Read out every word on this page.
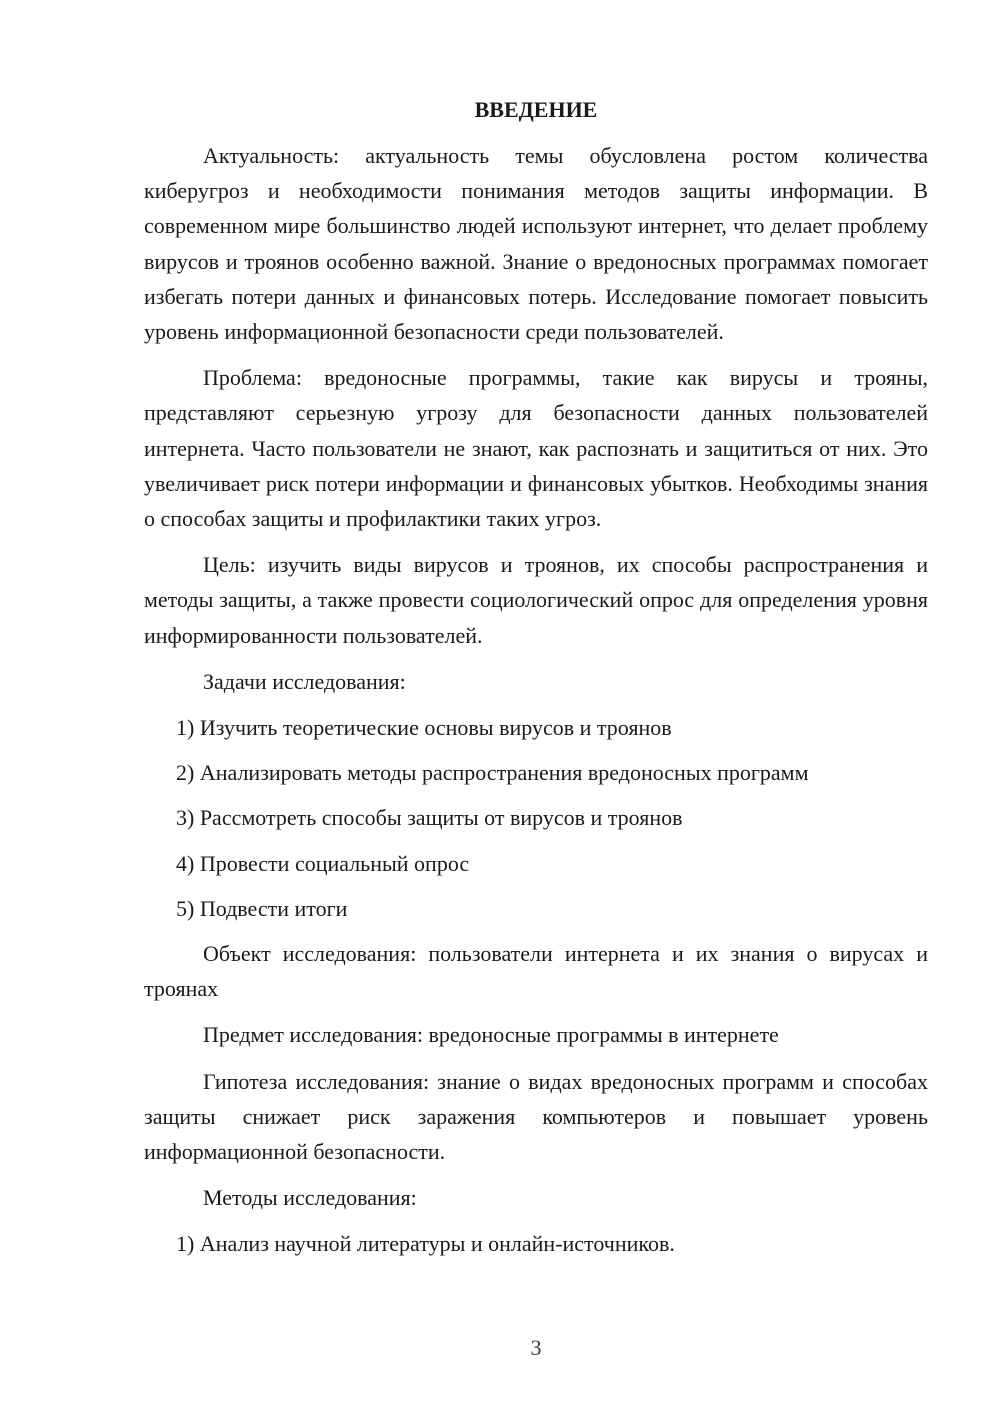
ВВЕДЕНИЕ

Актуальность: актуальность темы обусловлена ростом количества киберугроз и необходимости понимания методов защиты информации. В современном мире большинство людей используют интернет, что делает проблему вирусов и троянов особенно важной. Знание о вредоносных программах помогает избегать потери данных и финансовых потерь. Исследование помогает повысить уровень информационной безопасности среди пользователей.

Проблема: вредоносные программы, такие как вирусы и трояны, представляют серьезную угрозу для безопасности данных пользователей интернета. Часто пользователи не знают, как распознать и защититься от них. Это увеличивает риск потери информации и финансовых убытков. Необходимы знания о способах защиты и профилактики таких угроз.

Цель: изучить виды вирусов и троянов, их способы распространения и методы защиты, а также провести социологический опрос для определения уровня информированности пользователей.

Задачи исследования:

1) Изучить теоретические основы вирусов и троянов

2) Анализировать методы распространения вредоносных программ

3) Рассмотреть способы защиты от вирусов и троянов

4) Провести социальный опрос

5) Подвести итоги

Объект исследования: пользователи интернета и их знания о вирусах и троянах

Предмет исследования: вредоносные программы в интернете

Гипотеза исследования: знание о видах вредоносных программ и способах защиты снижает риск заражения компьютеров и повышает уровень информационной безопасности.

Методы исследования:

1) Анализ научной литературы и онлайн-источников.

3
